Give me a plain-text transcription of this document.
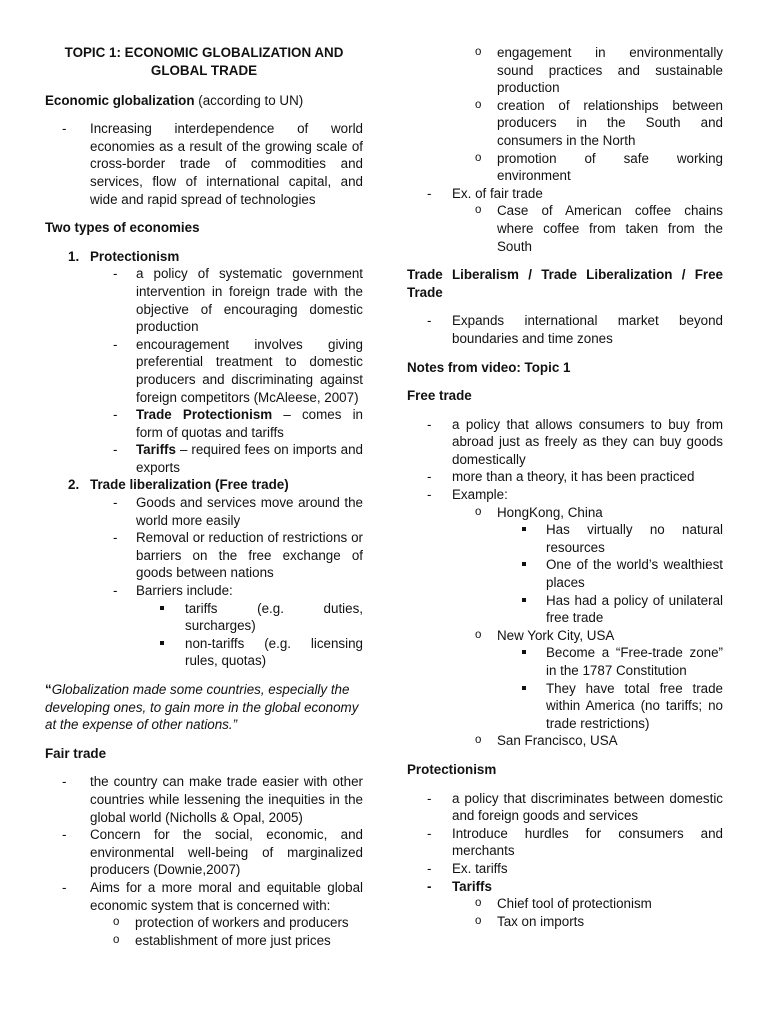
TOPIC 1: ECONOMIC GLOBALIZATION AND
GLOBAL TRADE

Economic globalization (according to UN)

- Increasing interdependence of world economies as a result of the growing scale of cross-border trade of commodities and services, flow of international capital, and wide and rapid spread of technologies

Two types of economies

1. Protectionism
- a policy of systematic government intervention in foreign trade with the objective of encouraging domestic production
- encouragement involves giving preferential treatment to domestic producers and discriminating against foreign competitors (McAleese, 2007)
- Trade Protectionism – comes in form of quotas and tariffs
- Tariffs – required fees on imports and exports
2. Trade liberalization (Free trade)
- Goods and services move around the world more easily
- Removal or reduction of restrictions or barriers on the free exchange of goods between nations
- Barriers include:
tariffs (e.g. duties, surcharges)
non-tariffs (e.g. licensing rules, quotas)

“Globalization made some countries, especially the developing ones, to gain more in the global economy at the expense of other nations.”

Fair trade

- the country can make trade easier with other countries while lessening the inequities in the global world (Nicholls & Opal, 2005)
- Concern for the social, economic, and environmental well-being of marginalized producers (Downie,2007)
- Aims for a more moral and equitable global economic system that is concerned with:
o protection of workers and producers
o establishment of more just prices
o engagement in environmentally sound practices and sustainable production
o creation of relationships between producers in the South and consumers in the North
o promotion of safe working environment
- Ex. of fair trade
o Case of American coffee chains where coffee from taken from the South

Trade Liberalism / Trade Liberalization / Free Trade

- Expands international market beyond boundaries and time zones

Notes from video: Topic 1

Free trade

- a policy that allows consumers to buy from abroad just as freely as they can buy goods domestically
- more than a theory, it has been practiced
- Example:
o HongKong, China
Has virtually no natural resources
One of the world’s wealthiest places
Has had a policy of unilateral free trade
o New York City, USA
Become a “Free-trade zone” in the 1787 Constitution
They have total free trade within America (no tariffs; no trade restrictions)
o San Francisco, USA

Protectionism

- a policy that discriminates between domestic and foreign goods and services
- Introduce hurdles for consumers and merchants
- Ex. tariffs
- Tariffs
o Chief tool of protectionism
o Tax on imports
